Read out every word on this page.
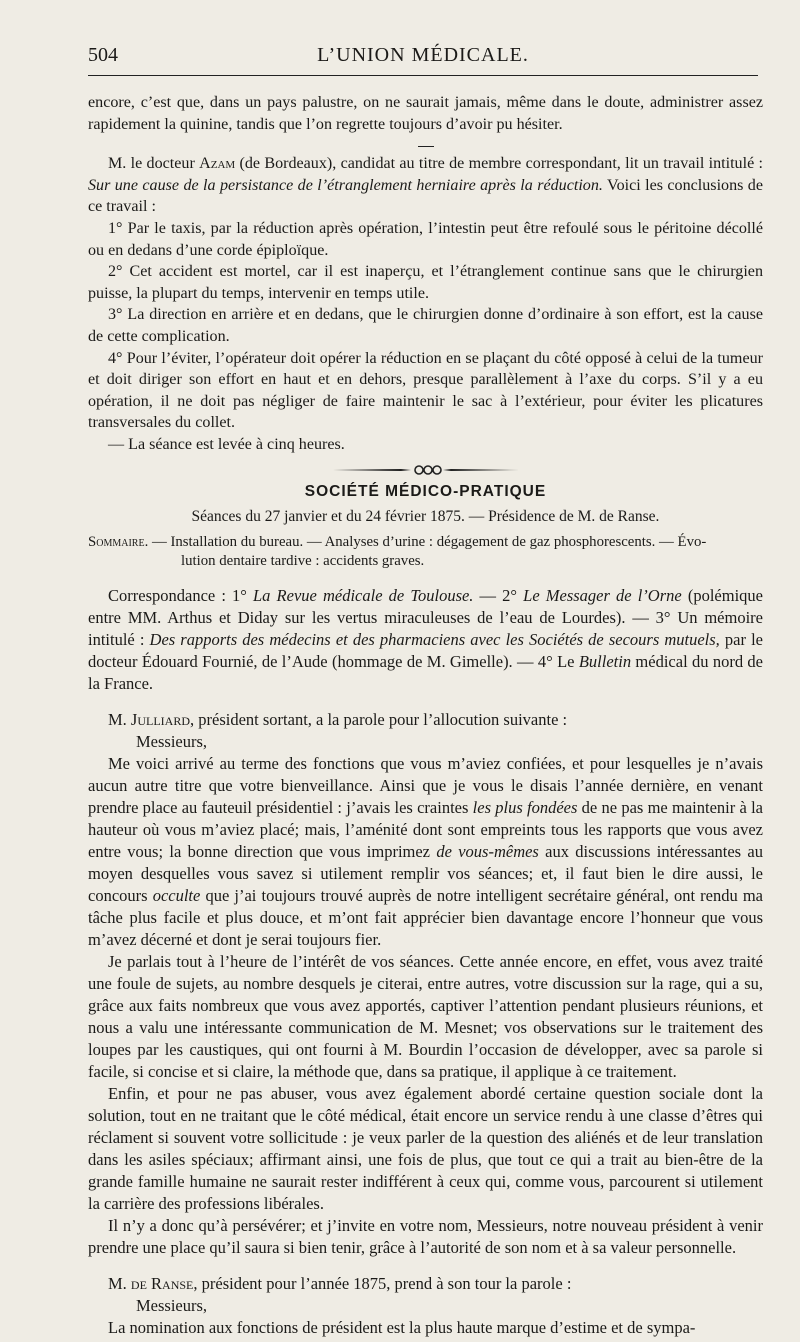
504	L’UNION MÉDICALE.

encore, c’est que, dans un pays palustre, on ne saurait jamais, même dans le doute, administrer assez rapidement la quinine, tandis que l’on regrette toujours d’avoir pu hésiter.

M. le docteur Azam (de Bordeaux), candidat au titre de membre correspondant, lit un travail intitulé : Sur une cause de la persistance de l’étranglement herniaire après la réduction. Voici les conclusions de ce travail :

1° Par le taxis, par la réduction après opération, l’intestin peut être refoulé sous le péritoine décollé ou en dedans d’une corde épiploïque.

2° Cet accident est mortel, car il est inaperçu, et l’étranglement continue sans que le chirurgien puisse, la plupart du temps, intervenir en temps utile.

3° La direction en arrière et en dedans, que le chirurgien donne d’ordinaire à son effort, est la cause de cette complication.

4° Pour l’éviter, l’opérateur doit opérer la réduction en se plaçant du côté opposé à celui de la tumeur et doit diriger son effort en haut et en dehors, presque parallèlement à l’axe du corps. S’il y a eu opération, il ne doit pas négliger de faire maintenir le sac à l’extérieur, pour éviter les plicatures transversales du collet.

— La séance est levée à cinq heures.

SOCIÉTÉ MÉDICO-PRATIQUE
Séances du 27 janvier et du 24 février 1875. — Présidence de M. de Ranse.
Sommaire. — Installation du bureau. — Analyses d’urine : dégagement de gaz phosphorescents. — Évo-
lution dentaire tardive : accidents graves.

Correspondance : 1° La Revue médicale de Toulouse. — 2° Le Messager de l’Orne (polémique entre MM. Arthus et Diday sur les vertus miraculeuses de l’eau de Lourdes). — 3° Un mémoire intitulé : Des rapports des médecins et des pharmaciens avec les Sociétés de secours mutuels, par le docteur Édouard Fournié, de l’Aude (hommage de M. Gimelle). — 4° Le Bulletin médical du nord de la France.

M. Julliard, président sortant, a la parole pour l’allocution suivante :

Messieurs,

Me voici arrivé au terme des fonctions que vous m’aviez confiées, et pour lesquelles je n’avais aucun autre titre que votre bienveillance. Ainsi que je vous le disais l’année dernière, en venant prendre place au fauteuil présidentiel : j’avais les craintes les plus fondées de ne pas me maintenir à la hauteur où vous m’aviez placé; mais, l’aménité dont sont empreints tous les rapports que vous avez entre vous; la bonne direction que vous imprimez de vous-mêmes aux discussions intéressantes au moyen desquelles vous savez si utilement remplir vos séances; et, il faut bien le dire aussi, le concours occulte que j’ai toujours trouvé auprès de notre intelligent secrétaire général, ont rendu ma tâche plus facile et plus douce, et m’ont fait apprécier bien davantage encore l’honneur que vous m’avez décerné et dont je serai toujours fier.

Je parlais tout à l’heure de l’intérêt de vos séances. Cette année encore, en effet, vous avez traité une foule de sujets, au nombre desquels je citerai, entre autres, votre discussion sur la rage, qui a su, grâce aux faits nombreux que vous avez apportés, captiver l’attention pendant plusieurs réunions, et nous a valu une intéressante communication de M. Mesnet; vos observations sur le traitement des loupes par les caustiques, qui ont fourni à M. Bourdin l’occasion de développer, avec sa parole si facile, si concise et si claire, la méthode que, dans sa pratique, il applique à ce traitement.

Enfin, et pour ne pas abuser, vous avez également abordé certaine question sociale dont la solution, tout en ne traitant que le côté médical, était encore un service rendu à une classe d’êtres qui réclament si souvent votre sollicitude : je veux parler de la question des aliénés et de leur translation dans les asiles spéciaux; affirmant ainsi, une fois de plus, que tout ce qui a trait au bien-être de la grande famille humaine ne saurait rester indifférent à ceux qui, comme vous, parcourent si utilement la carrière des professions libérales.

Il n’y a donc qu’à persévérer; et j’invite en votre nom, Messieurs, notre nouveau président à venir prendre une place qu’il saura si bien tenir, grâce à l’autorité de son nom et à sa valeur personnelle.

M. de Ranse, président pour l’année 1875, prend à son tour la parole :

Messieurs,

La nomination aux fonctions de président est la plus haute marque d’estime et de sympa-
